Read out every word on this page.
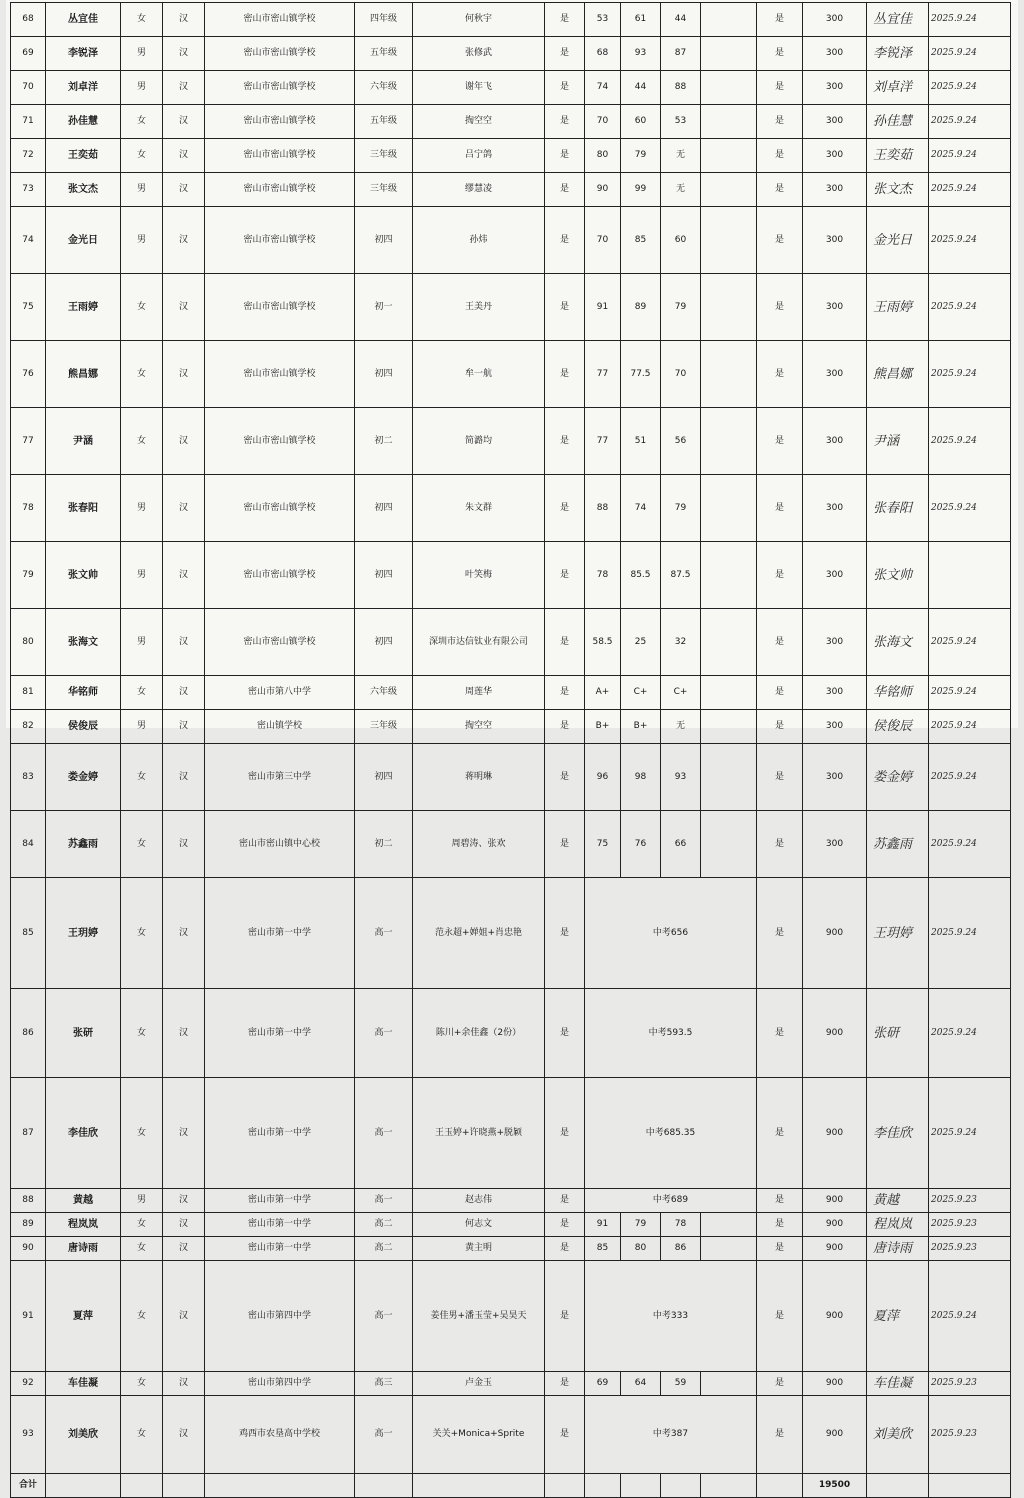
68	丛宜佳	女	汉	密山市密山镇学校	四年级	何秋宇	是	53	61	44		是	300	丛宜佳	2025.9.24	
69	李锐泽	男	汉	密山市密山镇学校	五年级	张修武	是	68	93	87		是	300	李锐泽	2025.9.24	
70	刘卓洋	男	汉	密山市密山镇学校	六年级	谢年飞	是	74	44	88		是	300	刘卓洋	2025.9.24	
71	孙佳慧	女	汉	密山市密山镇学校	五年级	掏空空	是	70	60	53		是	300	孙佳慧	2025.9.24	
72	王奕茹	女	汉	密山市密山镇学校	三年级	吕宁鸽	是	80	79	无		是	300	王奕茹	2025.9.24	
73	张文杰	男	汉	密山市密山镇学校	三年级	缪慧凌	是	90	99	无		是	300	张文杰	2025.9.24	
74	金光日	男	汉	密山市密山镇学校	初四	孙炜	是	70	85	60		是	300	金光日	2025.9.24	
75	王雨婷	女	汉	密山市密山镇学校	初一	王美丹	是	91	89	79		是	300	王雨婷	2025.9.24	
76	熊昌娜	女	汉	密山市密山镇学校	初四	牟一航	是	77	77.5	70		是	300	熊昌娜	2025.9.24	
77	尹涵	女	汉	密山市密山镇学校	初二	简潞均	是	77	51	56		是	300	尹涵	2025.9.24	
78	张春阳	男	汉	密山市密山镇学校	初四	朱文群	是	88	74	79		是	300	张春阳	2025.9.24	
79	张文帅	男	汉	密山市密山镇学校	初四	叶笑梅	是	78	85.5	87.5		是	300	张文帅		
80	张海文	男	汉	密山市密山镇学校	初四	深圳市达信钛业有限公司	是	58.5	25	32		是	300	张海文	2025.9.24	
81	华铭师	女	汉	密山市第八中学	六年级	周莲华	是	A+	C+	C+		是	300	华铭师	2025.9.24	
82	侯俊辰	男	汉	密山镇学校	三年级	掏空空	是	B+	B+	无		是	300	侯俊辰	2025.9.24	
83	娄金婷	女	汉	密山市第三中学	初四	蒋明琳	是	96	98	93		是	300	娄金婷	2025.9.24	
84	苏鑫雨	女	汉	密山市密山镇中心校	初二	周碧涛、张欢	是	75	76	66		是	300	苏鑫雨	2025.9.24	
85	王玥婷	女	汉	密山市第一中学	高一	范永超+婵姐+肖忠艳	是	中考656				是	900	王玥婷	2025.9.24	
86	张研	女	汉	密山市第一中学	高一	陈川+余佳鑫（2份）	是	中考593.5				是	900	张研	2025.9.24	
87	李佳欣	女	汉	密山市第一中学	高一	王玉婷+许晓燕+脱颖	是	中考685.35				是	900	李佳欣	2025.9.24	
88	黄越	男	汉	密山市第一中学	高一	赵志伟	是	中考689				是	900	黄越	2025.9.23	
89	程岚岚	女	汉	密山市第一中学	高二	何志文	是	91	79	78		是	900	程岚岚	2025.9.23	
90	唐诗雨	女	汉	密山市第一中学	高二	黄主明	是	85	80	86		是	900	唐诗雨	2025.9.23	
91	夏萍	女	汉	密山市第四中学	高一	姜佳男+潘玉莹+吴昊天	是	中考333				是	900	夏萍	2025.9.24	
92	车佳凝	女	汉	密山市第四中学	高三	卢金玉	是	69	64	59		是	900	车佳凝	2025.9.23	
93	刘美欣	女	汉	鸡西市农垦高中学校	高一	关关+Monica+Sprite	是	中考387				是	900	刘美欣	2025.9.23	
合计													19500			
